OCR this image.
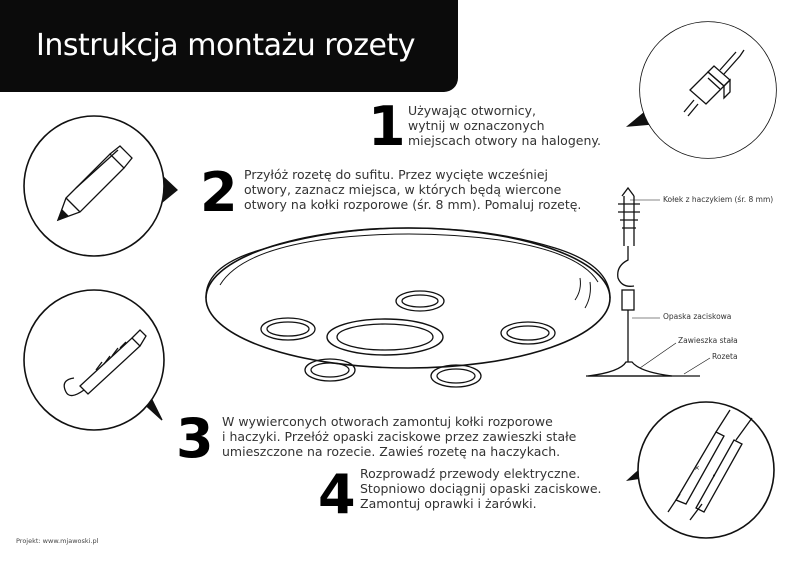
Instrukcja montażu rozety
×
•
1 Używając otwornicy,
wytnij w oznaczonych
miejscach otwory na halogeny.
2 Przyłóż rozetę do sufitu. Przez wycięte wcześniej
otwory, zaznacz miejsca, w których będą wiercone
otwory na kołki rozporowe (śr. 8 mm). Pomaluj rozetę.
3 W wywierconych otworach zamontuj kołki rozporowe
i haczyki. Przełóż opaski zaciskowe przez zawieszki stałe
umieszczone na rozecie. Zawieś rozetę na haczykach.
4 Rozprowadź przewody elektryczne.
Stopniowo dociągnij opaski zaciskowe.
Zamontuj oprawki i żarówki.
Kołek z haczykiem (śr. 8 mm)
Opaska zaciskowa
Zawieszka stała
Rozeta
Projekt: www.mjawoski.pl
